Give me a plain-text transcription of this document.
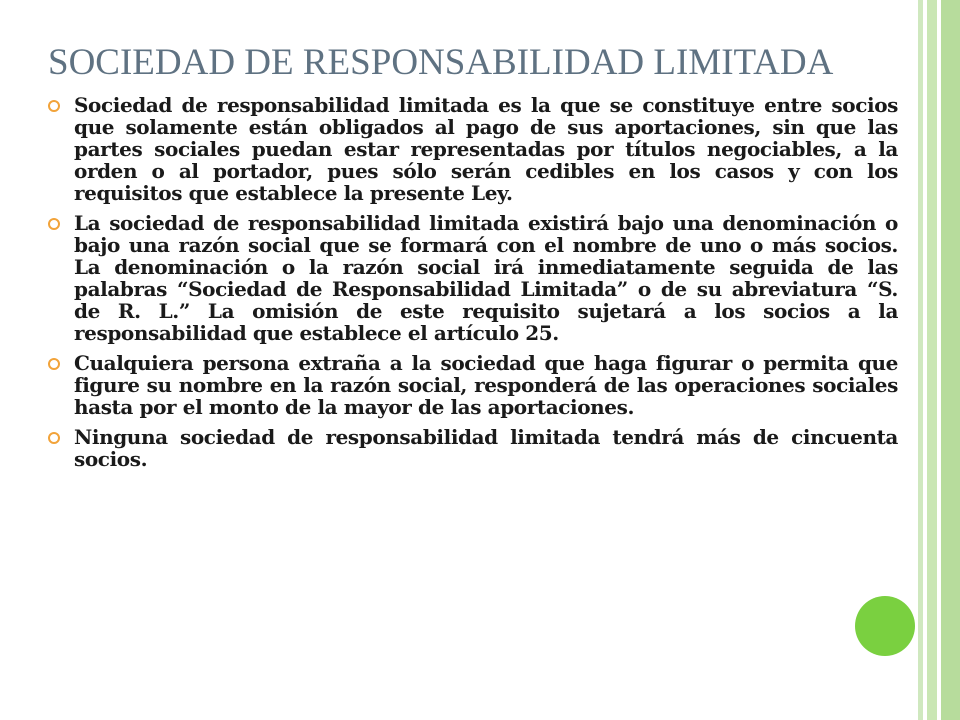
SOCIEDAD DE RESPONSABILIDAD LIMITADA
Sociedad de responsabilidad limitada es la que se constituye entre socios que solamente están obligados al pago de sus aportaciones, sin que las partes sociales puedan estar representadas por títulos negociables, a la orden o al portador, pues sólo serán cedibles en los casos y con los requisitos que establece la presente Ley.
La sociedad de responsabilidad limitada existirá bajo una denominación o bajo una razón social que se formará con el nombre de uno o más socios. La denominación o la razón social irá inmediatamente seguida de las palabras “Sociedad de Responsabilidad Limitada” o de su abreviatura “S. de R. L.” La omisión de este requisito sujetará a los socios a la responsabilidad que establece el artículo 25.
Cualquiera persona extraña a la sociedad que haga figurar o permita que figure su nombre en la razón social, responderá de las operaciones sociales hasta por el monto de la mayor de las aportaciones.
Ninguna sociedad de responsabilidad limitada tendrá más de cincuenta socios.
